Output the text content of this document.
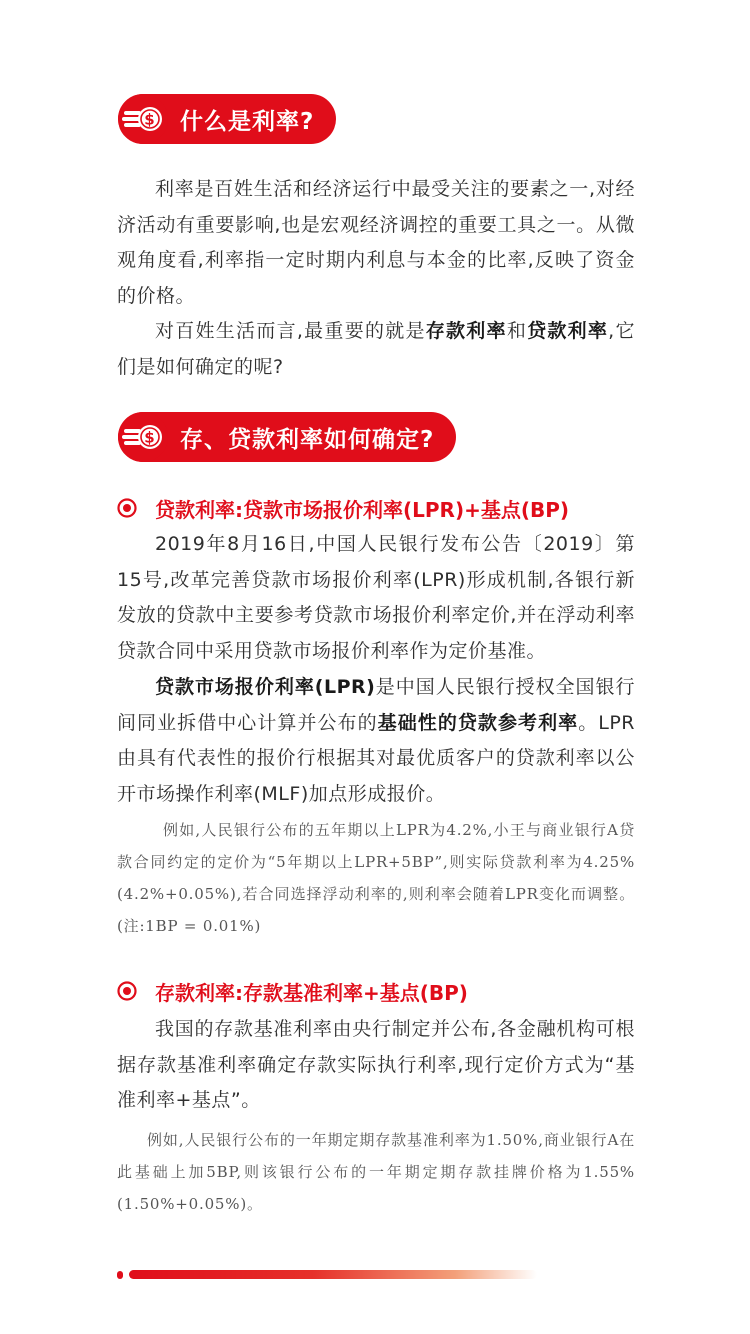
$ 什么是利率?

利率是百姓生活和经济运行中最受关注的要素之一,对经济活动有重要影响,也是宏观经济调控的重要工具之一。从微观角度看,利率指一定时期内利息与本金的比率,反映了资金的价格。

对百姓生活而言,最重要的就是存款利率和贷款利率,它们是如何确定的呢?

$ 存、贷款利率如何确定?
贷款利率:贷款市场报价利率(LPR)+基点(BP)

2019年8月16日,中国人民银行发布公告〔2019〕第15号,改革完善贷款市场报价利率(LPR)形成机制,各银行新发放的贷款中主要参考贷款市场报价利率定价,并在浮动利率贷款合同中采用贷款市场报价利率作为定价基准。

贷款市场报价利率(LPR)是中国人民银行授权全国银行间同业拆借中心计算并公布的基础性的贷款参考利率。LPR由具有代表性的报价行根据其对最优质客户的贷款利率以公开市场操作利率(MLF)加点形成报价。

例如,人民银行公布的五年期以上LPR为4.2%,小王与商业银行A贷款合同约定的定价为“5年期以上LPR+5BP”,则实际贷款利率为4.25%(4.2%+0.05%),若合同选择浮动利率的,则利率会随着LPR变化而调整。(注:1BP = 0.01%)

存款利率:存款基准利率+基点(BP)

我国的存款基准利率由央行制定并公布,各金融机构可根据存款基准利率确定存款实际执行利率,现行定价方式为“基准利率+基点”。

例如,人民银行公布的一年期定期存款基准利率为1.50%,商业银行A在此基础上加5BP,则该银行公布的一年期定期存款挂牌价格为1.55%(1.50%+0.05%)。
